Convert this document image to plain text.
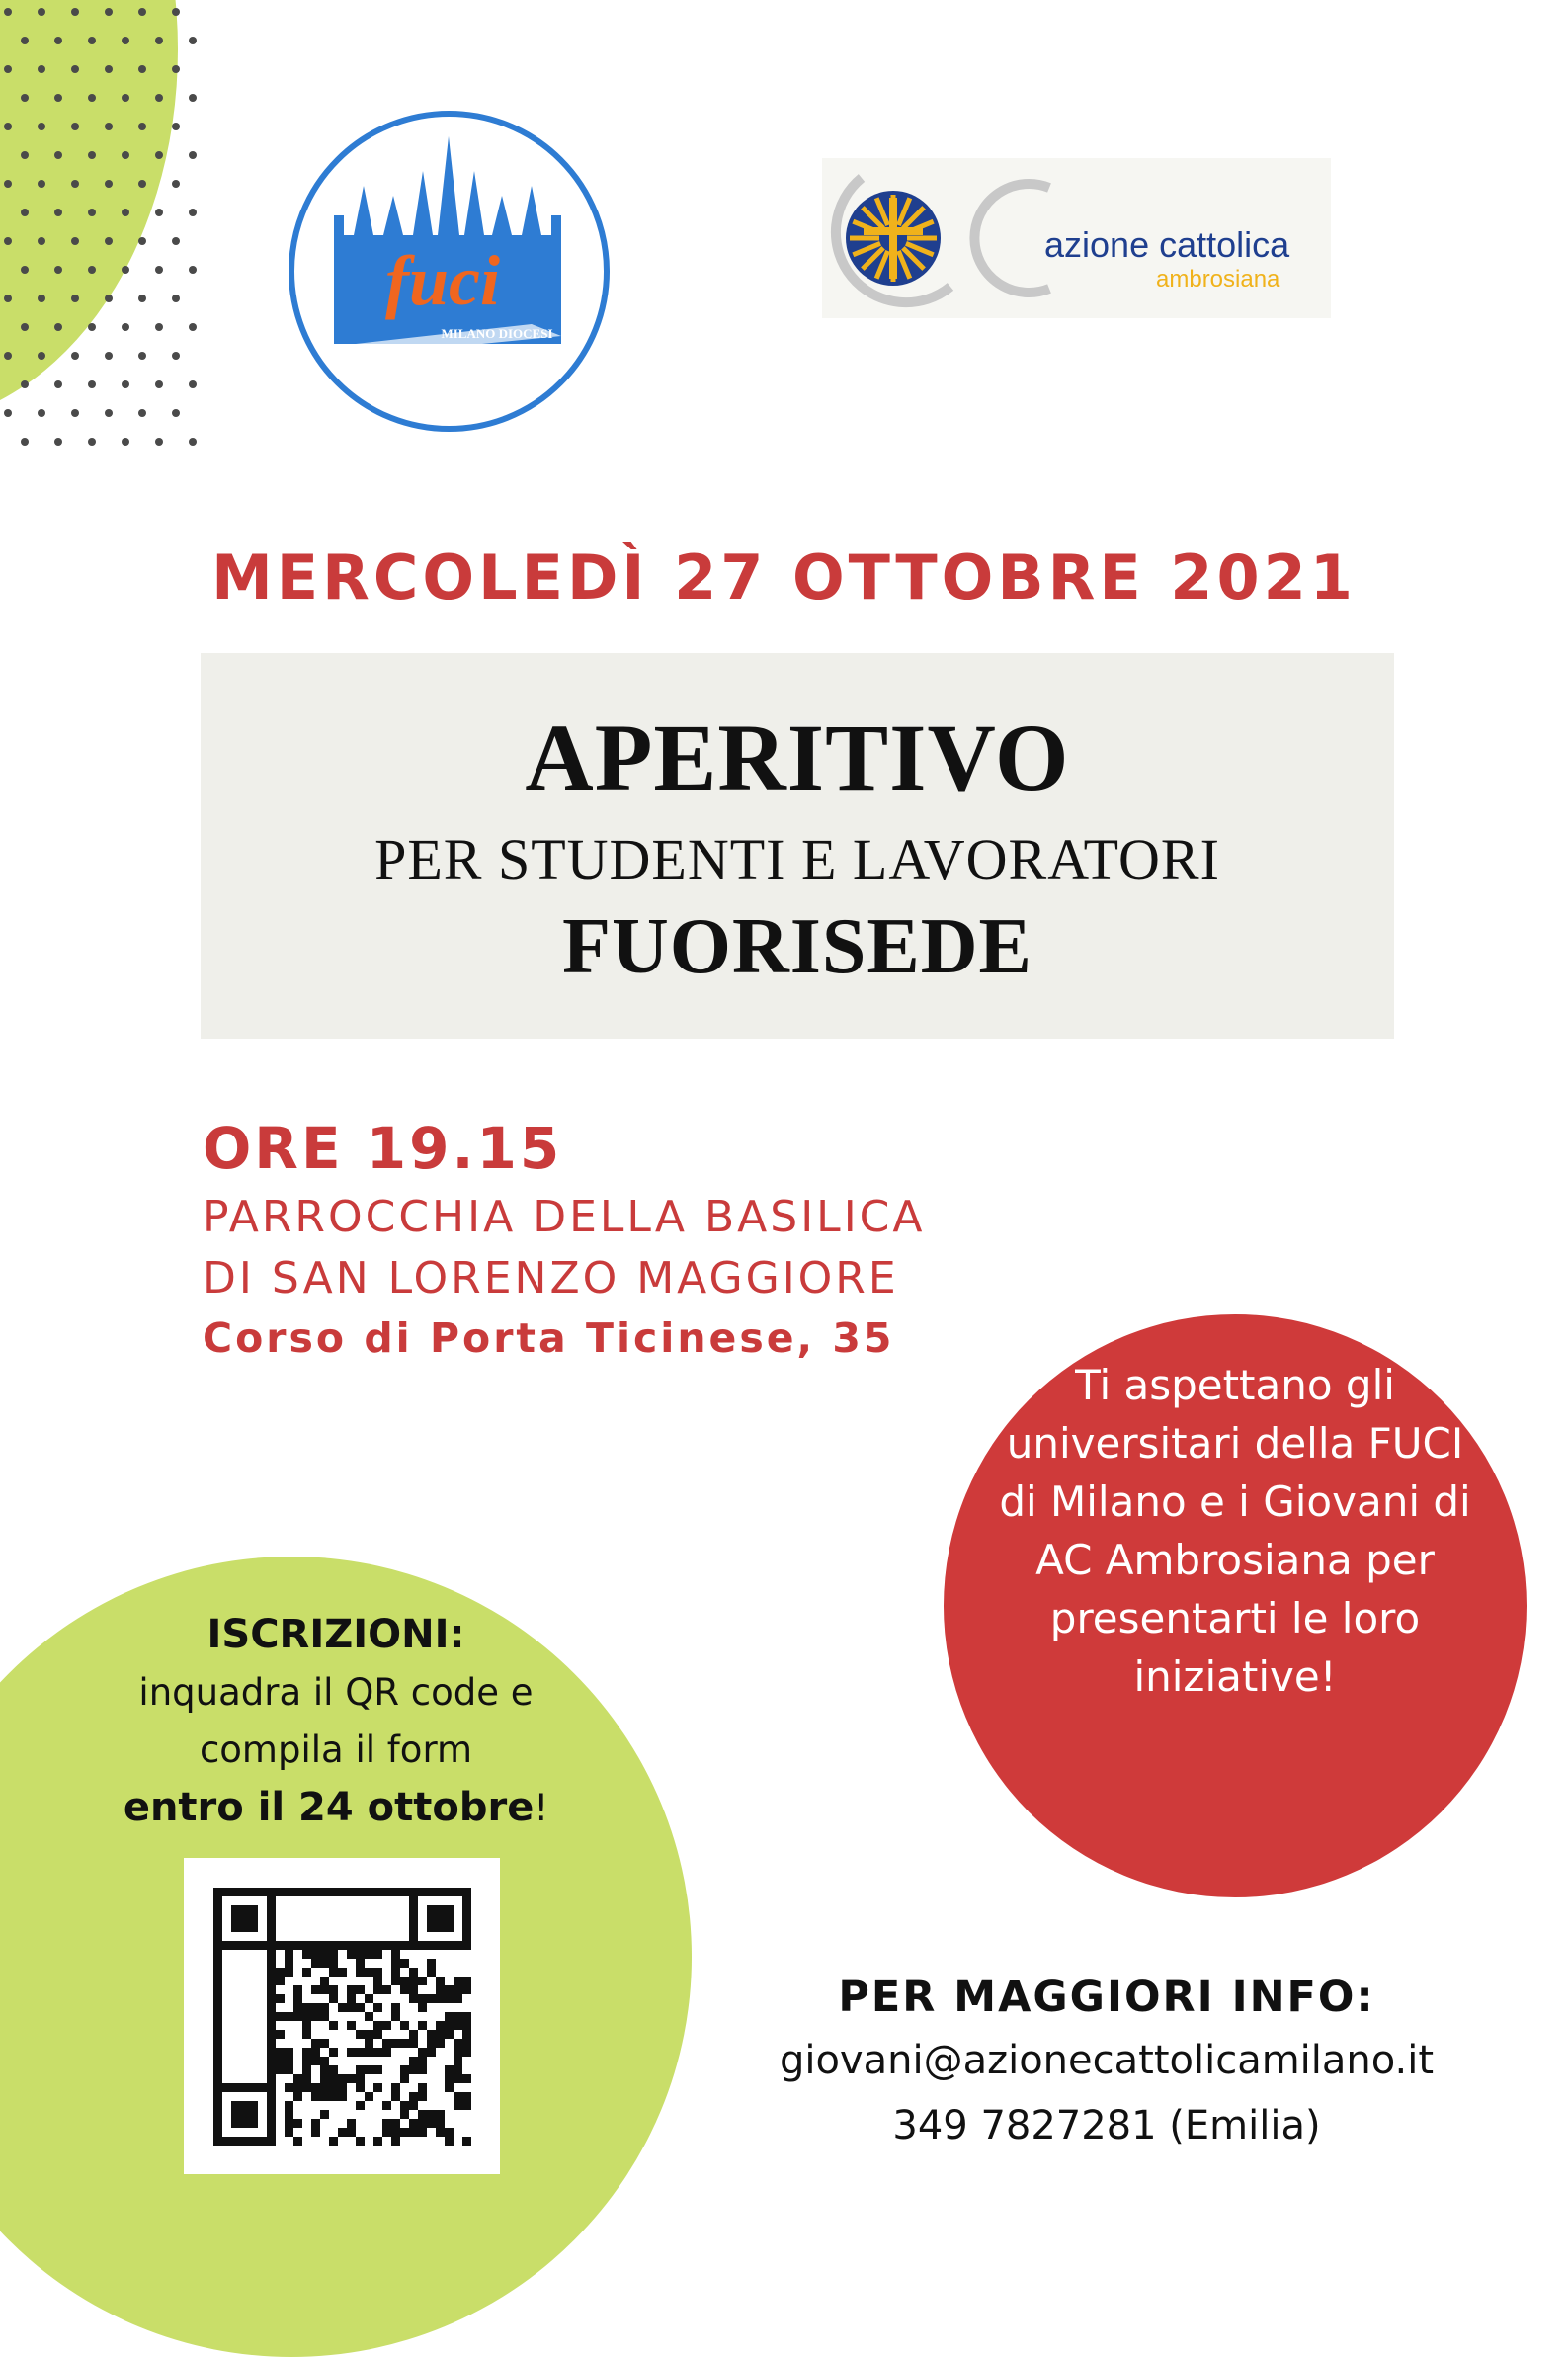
fuci
MILANO DIOCESI
azione cattolica
ambrosiana
MERCOLEDÌ 27 OTTOBRE 2021
APERITIVO
PER STUDENTI E LAVORATORI
FUORISEDE
ORE 19.15
PARROCCHIA DELLA BASILICA
DI SAN LORENZO MAGGIORE
Corso di Porta Ticinese, 35
Ti aspettano gli
universitari della FUCI
di Milano e i Giovani di
AC Ambrosiana per
presentarti le loro
iniziative!
ISCRIZIONI:
inquadra il QR code e
compila il form
entro il 24 ottobre!
PER MAGGIORI INFO:
giovani@azionecattolicamilano.it
349 7827281 (Emilia)
